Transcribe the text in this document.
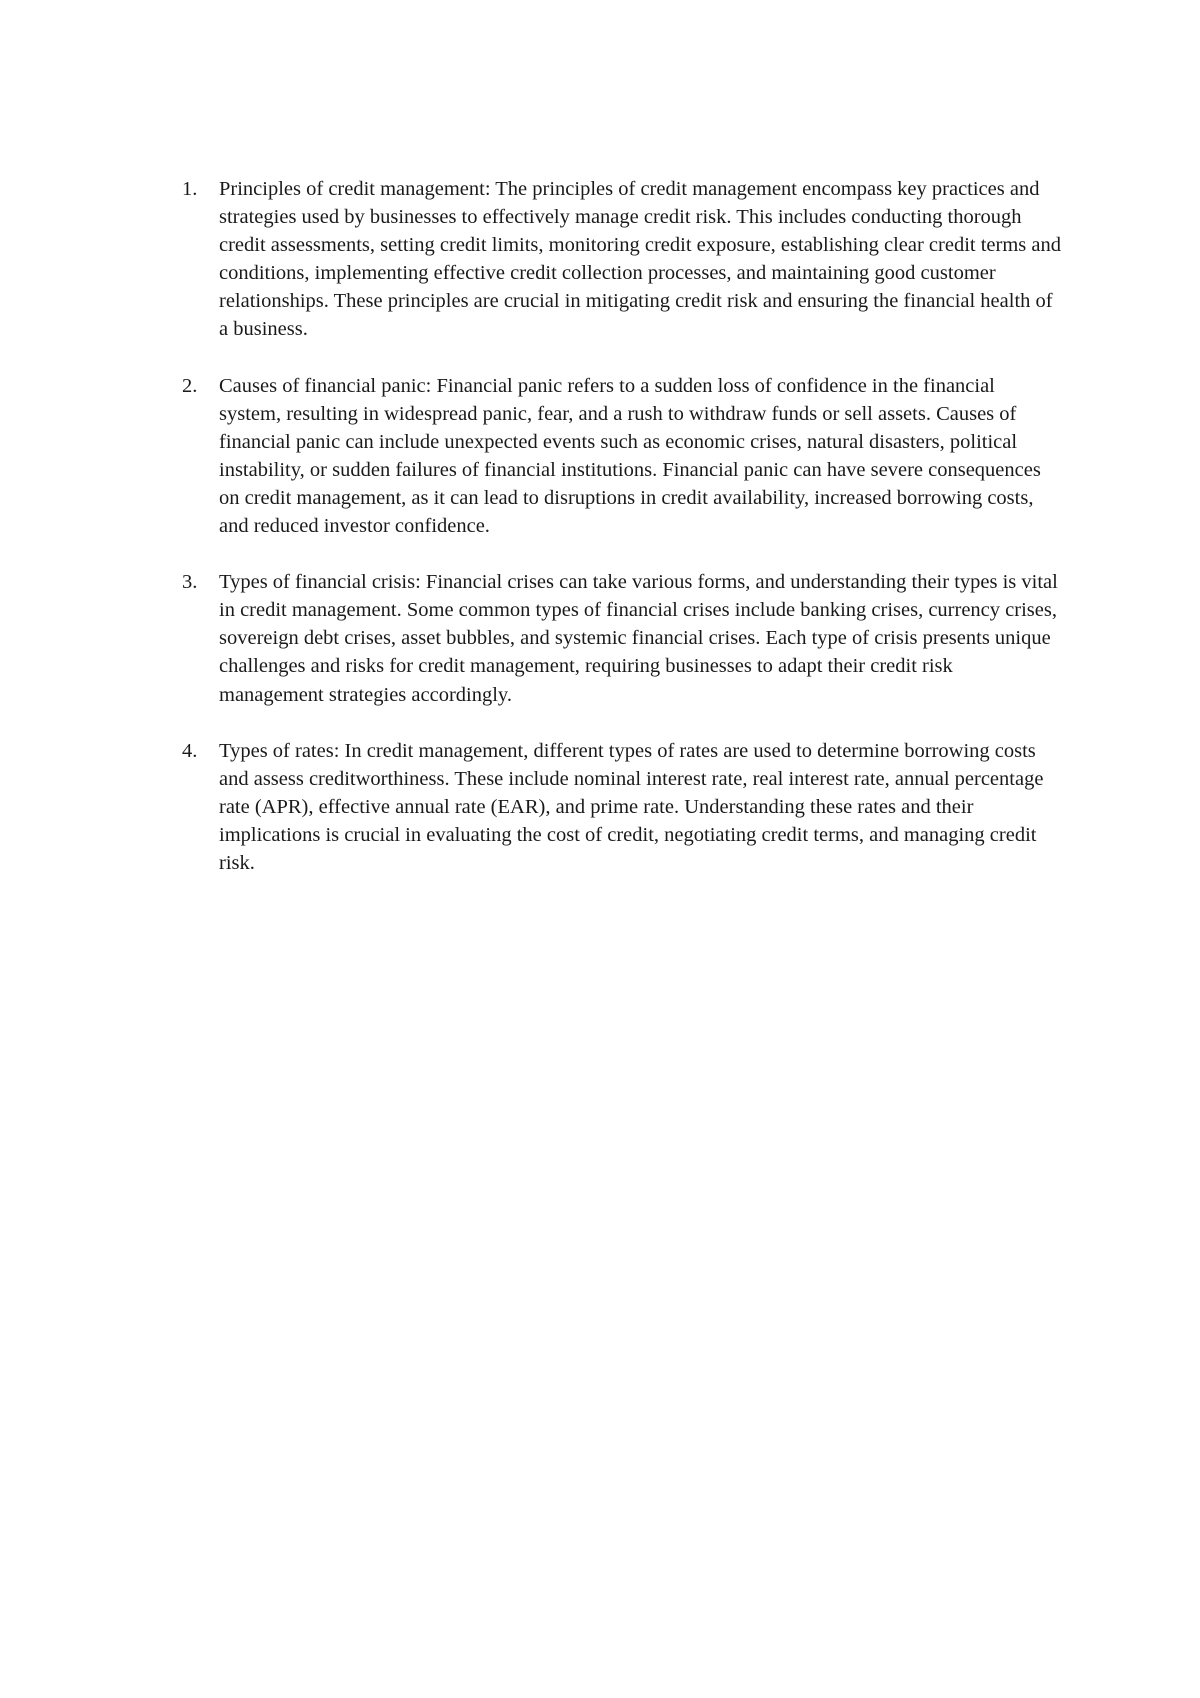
1. Principles of credit management: The principles of credit management encompass key practices and strategies used by businesses to effectively manage credit risk. This includes conducting thorough credit assessments, setting credit limits, monitoring credit exposure, establishing clear credit terms and conditions, implementing effective credit collection processes, and maintaining good customer relationships. These principles are crucial in mitigating credit risk and ensuring the financial health of a business.
2. Causes of financial panic: Financial panic refers to a sudden loss of confidence in the financial system, resulting in widespread panic, fear, and a rush to withdraw funds or sell assets. Causes of financial panic can include unexpected events such as economic crises, natural disasters, political instability, or sudden failures of financial institutions. Financial panic can have severe consequences on credit management, as it can lead to disruptions in credit availability, increased borrowing costs, and reduced investor confidence.
3. Types of financial crisis: Financial crises can take various forms, and understanding their types is vital in credit management. Some common types of financial crises include banking crises, currency crises, sovereign debt crises, asset bubbles, and systemic financial crises. Each type of crisis presents unique challenges and risks for credit management, requiring businesses to adapt their credit risk management strategies accordingly.
4. Types of rates: In credit management, different types of rates are used to determine borrowing costs and assess creditworthiness. These include nominal interest rate, real interest rate, annual percentage rate (APR), effective annual rate (EAR), and prime rate. Understanding these rates and their implications is crucial in evaluating the cost of credit, negotiating credit terms, and managing credit risk.
